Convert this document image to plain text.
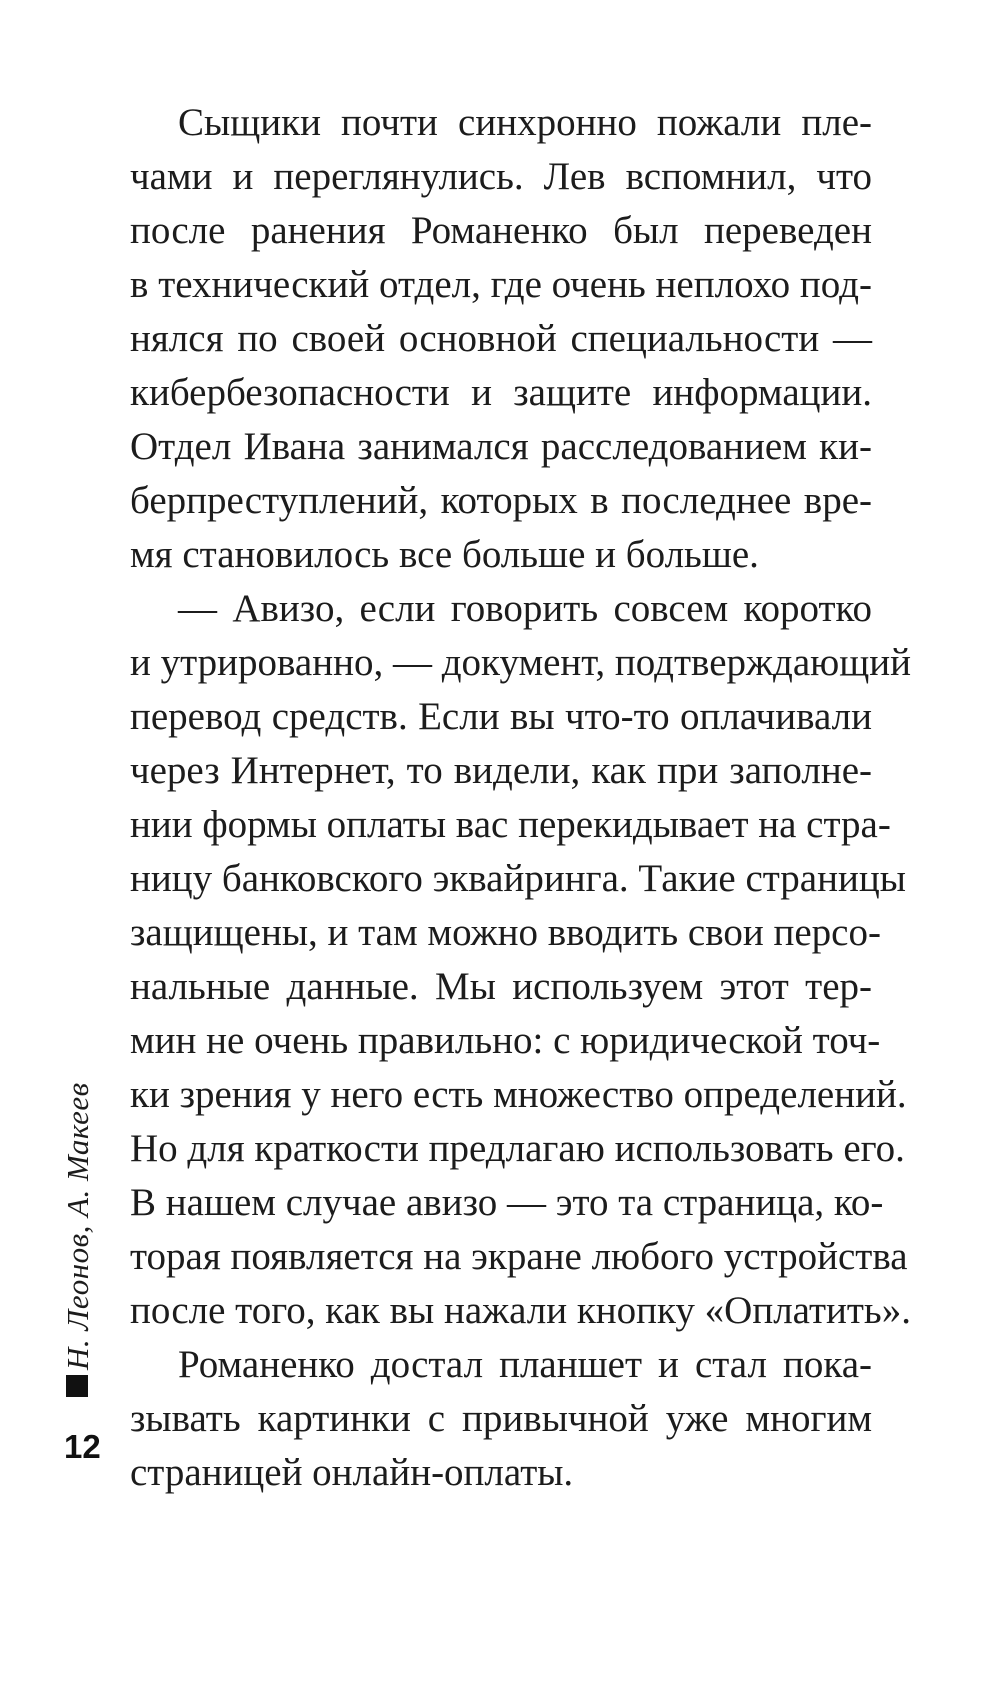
Сыщики почти синхронно пожали пле-
чами и переглянулись. Лев вспомнил, что
после ранения Романенко был переведен
в технический отдел, где очень неплохо под-
нялся по своей основной специальности —
кибербезопасности и защите информации.
Отдел Ивана занимался расследованием ки-
берпреступлений, которых в последнее вре-
мя становилось все больше и больше.
— Авизо, если говорить совсем коротко
и утрированно, — документ, подтверждающий
перевод средств. Если вы что-то оплачивали
через Интернет, то видели, как при заполне-
нии формы оплаты вас перекидывает на стра-
ницу банковского эквайринга. Такие страницы
защищены, и там можно вводить свои персо-
нальные данные. Мы используем этот тер-
мин не очень правильно: с юридической точ-
ки зрения у него есть множество определений.
Но для краткости предлагаю использовать его.
В нашем случае авизо — это та страница, ко-
торая появляется на экране любого устройства
после того, как вы нажали кнопку «Оплатить».
Романенко достал планшет и стал пока-
зывать картинки с привычной уже многим
страницей онлайн-оплаты.
Н. Леонов, А. Макеев
12
